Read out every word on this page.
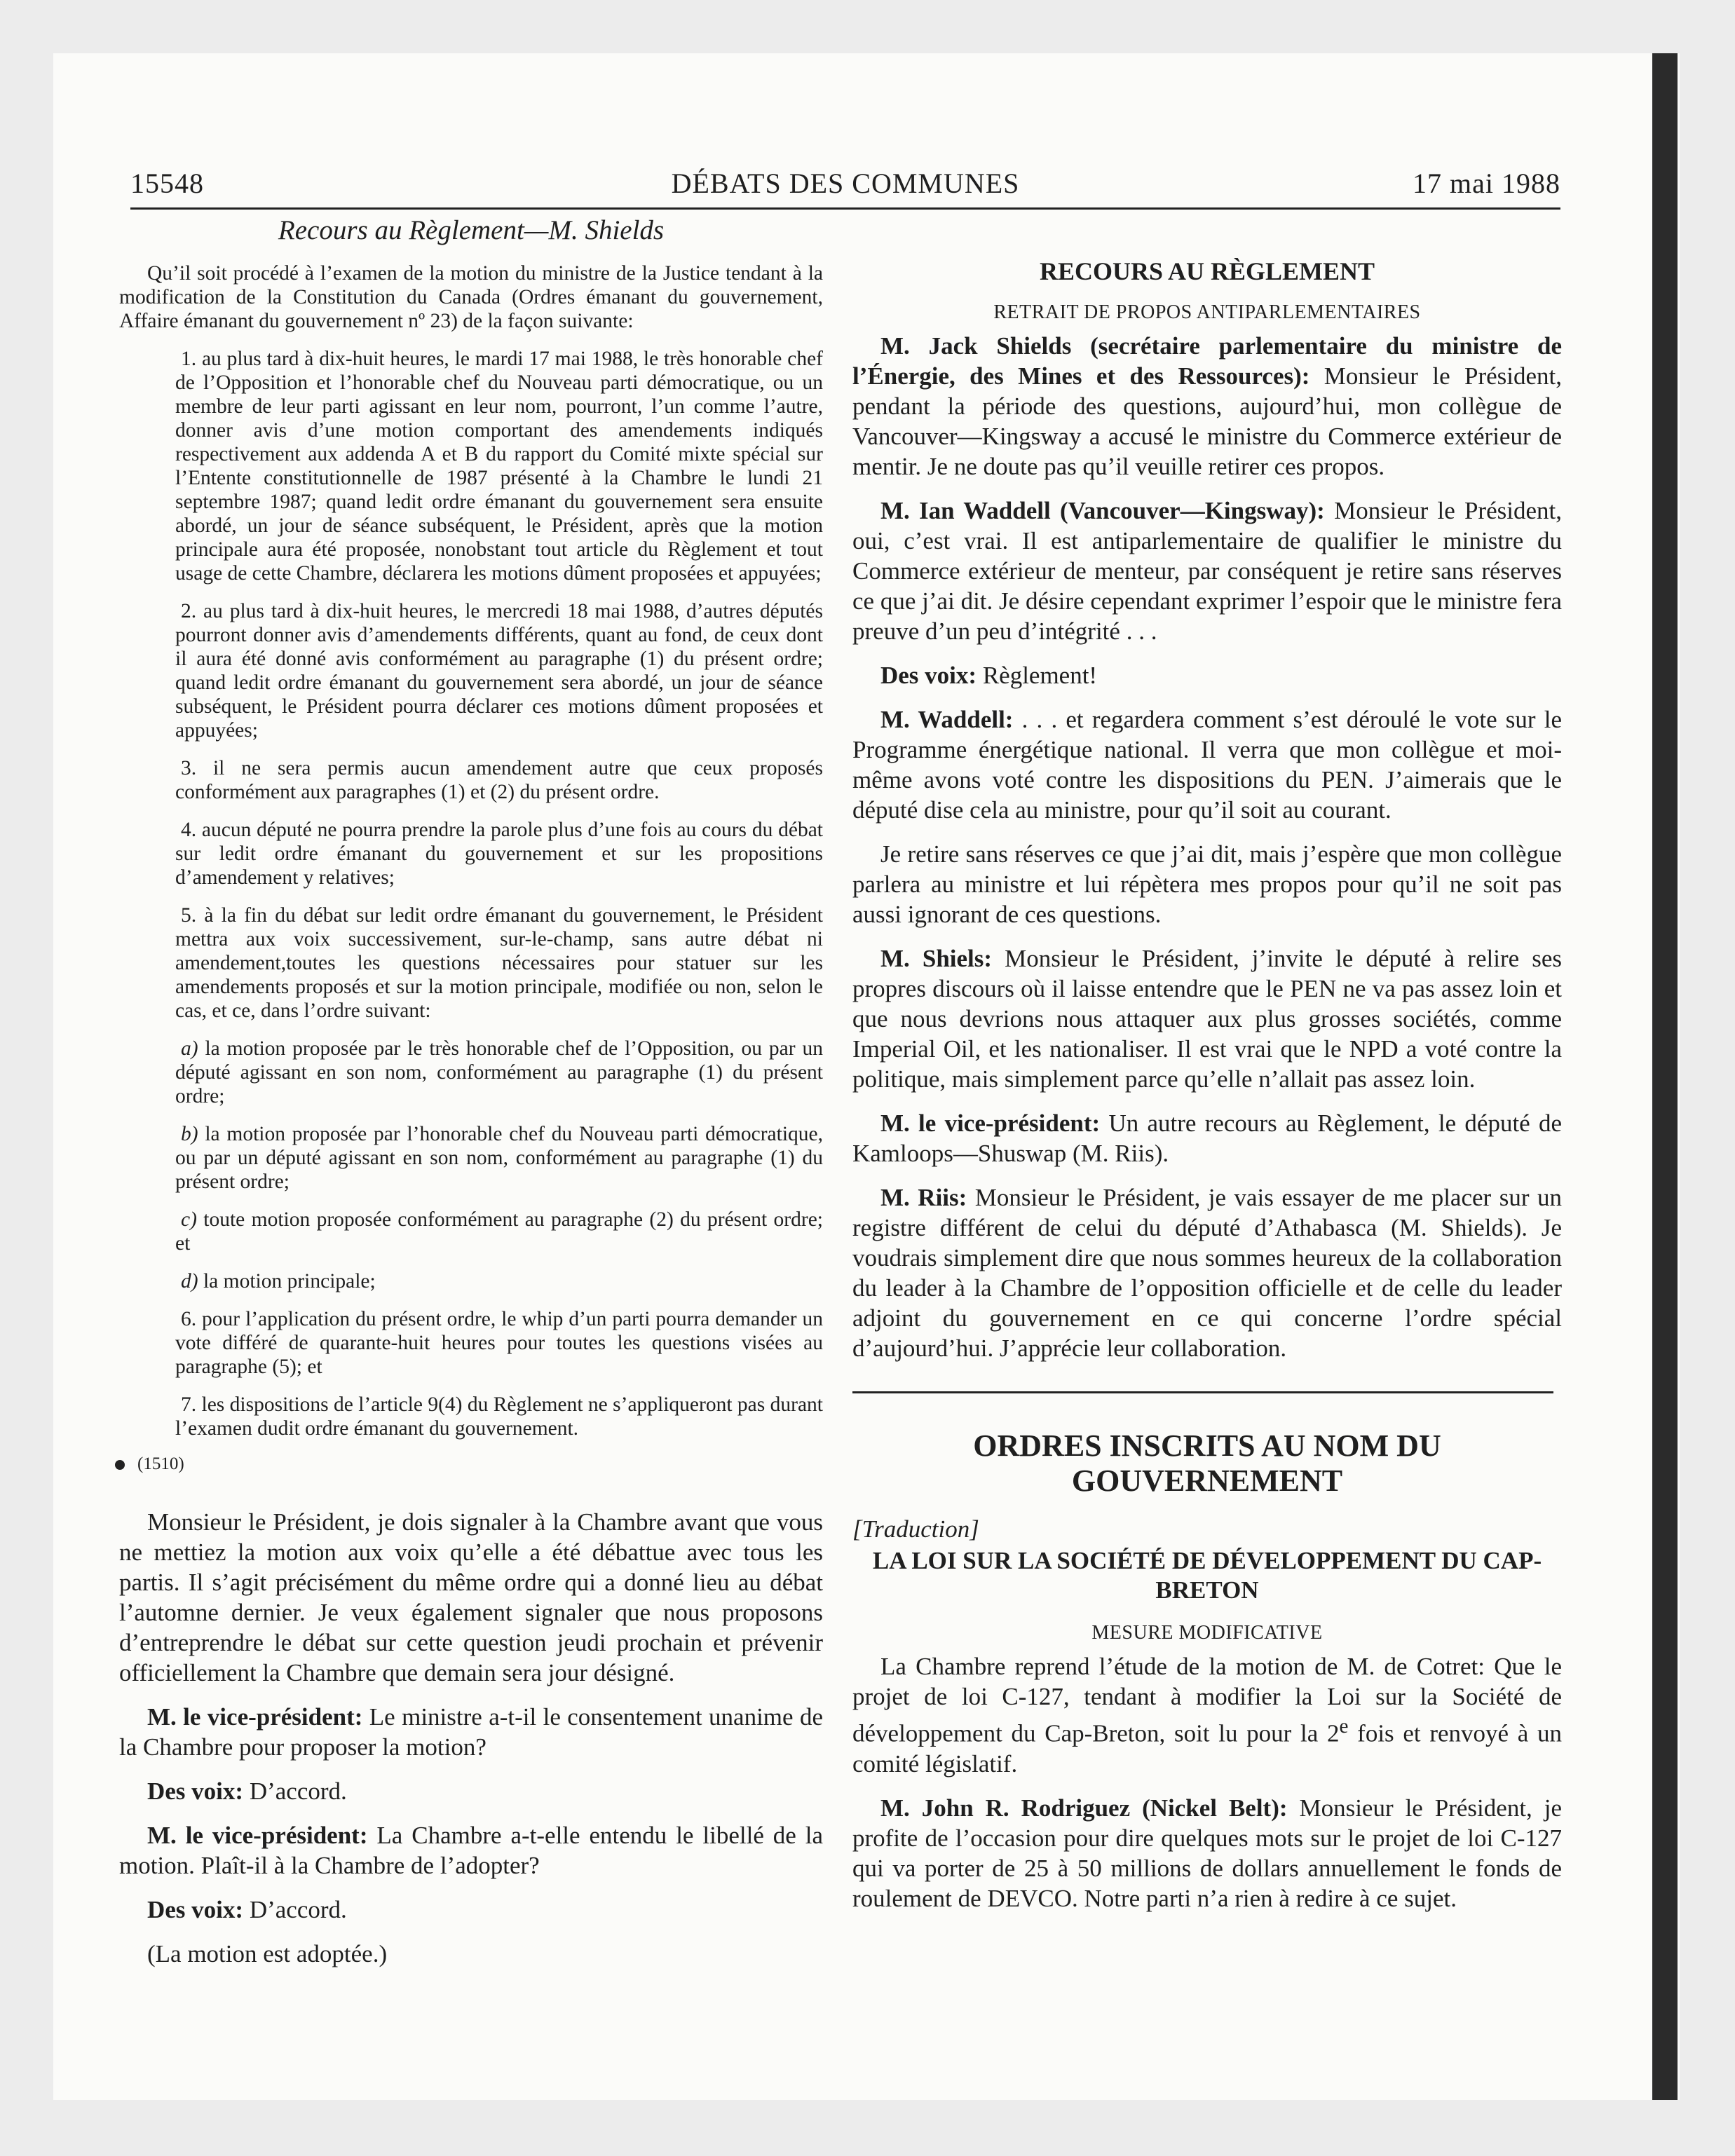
15548	DÉBATS DES COMMUNES	17 mai 1988
Recours au Règlement—M. Shields

Qu’il soit procédé à l’examen de la motion du ministre de la Justice tendant à la modification de la Constitution du Canada (Ordres émanant du gouvernement, Affaire émanant du gouvernement nº 23) de la façon suivante:

1. au plus tard à dix-huit heures, le mardi 17 mai 1988, le très honorable chef de l’Opposition et l’honorable chef du Nouveau parti démocratique, ou un membre de leur parti agissant en leur nom, pourront, l’un comme l’autre, donner avis d’une motion comportant des amendements indiqués respectivement aux addenda A et B du rapport du Comité mixte spécial sur l’Entente constitutionnelle de 1987 présenté à la Chambre le lundi 21 septembre 1987; quand ledit ordre émanant du gouvernement sera ensuite abordé, un jour de séance subséquent, le Président, après que la motion principale aura été proposée, nonobstant tout article du Règlement et tout usage de cette Chambre, déclarera les motions dûment proposées et appuyées;

2. au plus tard à dix-huit heures, le mercredi 18 mai 1988, d’autres députés pourront donner avis d’amendements différents, quant au fond, de ceux dont il aura été donné avis conformément au paragraphe (1) du présent ordre; quand ledit ordre émanant du gouvernement sera abordé, un jour de séance subséquent, le Président pourra déclarer ces motions dûment proposées et appuyées;

3. il ne sera permis aucun amendement autre que ceux proposés conformément aux paragraphes (1) et (2) du présent ordre.

4. aucun député ne pourra prendre la parole plus d’une fois au cours du débat sur ledit ordre émanant du gouvernement et sur les propositions d’amendement y relatives;

5. à la fin du débat sur ledit ordre émanant du gouvernement, le Président mettra aux voix successivement, sur-le-champ, sans autre débat ni amendement,toutes les questions nécessaires pour statuer sur les amendements proposés et sur la motion principale, modifiée ou non, selon le cas, et ce, dans l’ordre suivant:

a) la motion proposée par le très honorable chef de l’Opposition, ou par un député agissant en son nom, conformément au paragraphe (1) du présent ordre;

b) la motion proposée par l’honorable chef du Nouveau parti démocratique, ou par un député agissant en son nom, conformément au paragraphe (1) du présent ordre;

c) toute motion proposée conformément au paragraphe (2) du présent ordre; et

d) la motion principale;

6. pour l’application du présent ordre, le whip d’un parti pourra demander un vote différé de quarante-huit heures pour toutes les questions visées au paragraphe (5); et

7. les dispositions de l’article 9(4) du Règlement ne s’appliqueront pas durant l’examen dudit ordre émanant du gouvernement.

(1510)

Monsieur le Président, je dois signaler à la Chambre avant que vous ne mettiez la motion aux voix qu’elle a été débattue avec tous les partis. Il s’agit précisément du même ordre qui a donné lieu au débat l’automne dernier. Je veux également signaler que nous proposons d’entreprendre le débat sur cette question jeudi prochain et prévenir officiellement la Chambre que demain sera jour désigné.

M. le vice-président: Le ministre a-t-il le consentement unanime de la Chambre pour proposer la motion?

Des voix: D’accord.

M. le vice-président: La Chambre a-t-elle entendu le libellé de la motion. Plaît-il à la Chambre de l’adopter?

Des voix: D’accord.

(La motion est adoptée.)

RECOURS AU RÈGLEMENT
RETRAIT DE PROPOS ANTIPARLEMENTAIRES

M. Jack Shields (secrétaire parlementaire du ministre de l’Énergie, des Mines et des Ressources): Monsieur le Président, pendant la période des questions, aujourd’hui, mon collègue de Vancouver—Kingsway a accusé le ministre du Commerce extérieur de mentir. Je ne doute pas qu’il veuille retirer ces propos.

M. Ian Waddell (Vancouver—Kingsway): Monsieur le Président, oui, c’est vrai. Il est antiparlementaire de qualifier le ministre du Commerce extérieur de menteur, par conséquent je retire sans réserves ce que j’ai dit. Je désire cependant exprimer l’espoir que le ministre fera preuve d’un peu d’intégrité . . .

Des voix: Règlement!

M. Waddell: . . . et regardera comment s’est déroulé le vote sur le Programme énergétique national. Il verra que mon collègue et moi-même avons voté contre les dispositions du PEN. J’aimerais que le député dise cela au ministre, pour qu’il soit au courant.

Je retire sans réserves ce que j’ai dit, mais j’espère que mon collègue parlera au ministre et lui répètera mes propos pour qu’il ne soit pas aussi ignorant de ces questions.

M. Shiels: Monsieur le Président, j’invite le député à relire ses propres discours où il laisse entendre que le PEN ne va pas assez loin et que nous devrions nous attaquer aux plus grosses sociétés, comme Imperial Oil, et les nationaliser. Il est vrai que le NPD a voté contre la politique, mais simplement parce qu’elle n’allait pas assez loin.

M. le vice-président: Un autre recours au Règlement, le député de Kamloops—Shuswap (M. Riis).

M. Riis: Monsieur le Président, je vais essayer de me placer sur un registre différent de celui du député d’Athabasca (M. Shields). Je voudrais simplement dire que nous sommes heureux de la collaboration du leader à la Chambre de l’opposition officielle et de celle du leader adjoint du gouvernement en ce qui concerne l’ordre spécial d’aujourd’hui. J’apprécie leur collaboration.

ORDRES INSCRITS AU NOM DU GOUVERNEMENT
[Traduction]
LA LOI SUR LA SOCIÉTÉ DE DÉVELOPPEMENT DU CAP-BRETON
MESURE MODIFICATIVE

La Chambre reprend l’étude de la motion de M. de Cotret: Que le projet de loi C-127, tendant à modifier la Loi sur la Société de développement du Cap-Breton, soit lu pour la 2e fois et renvoyé à un comité législatif.

M. John R. Rodriguez (Nickel Belt): Monsieur le Président, je profite de l’occasion pour dire quelques mots sur le projet de loi C-127 qui va porter de 25 à 50 millions de dollars annuellement le fonds de roulement de DEVCO. Notre parti n’a rien à redire à ce sujet.
